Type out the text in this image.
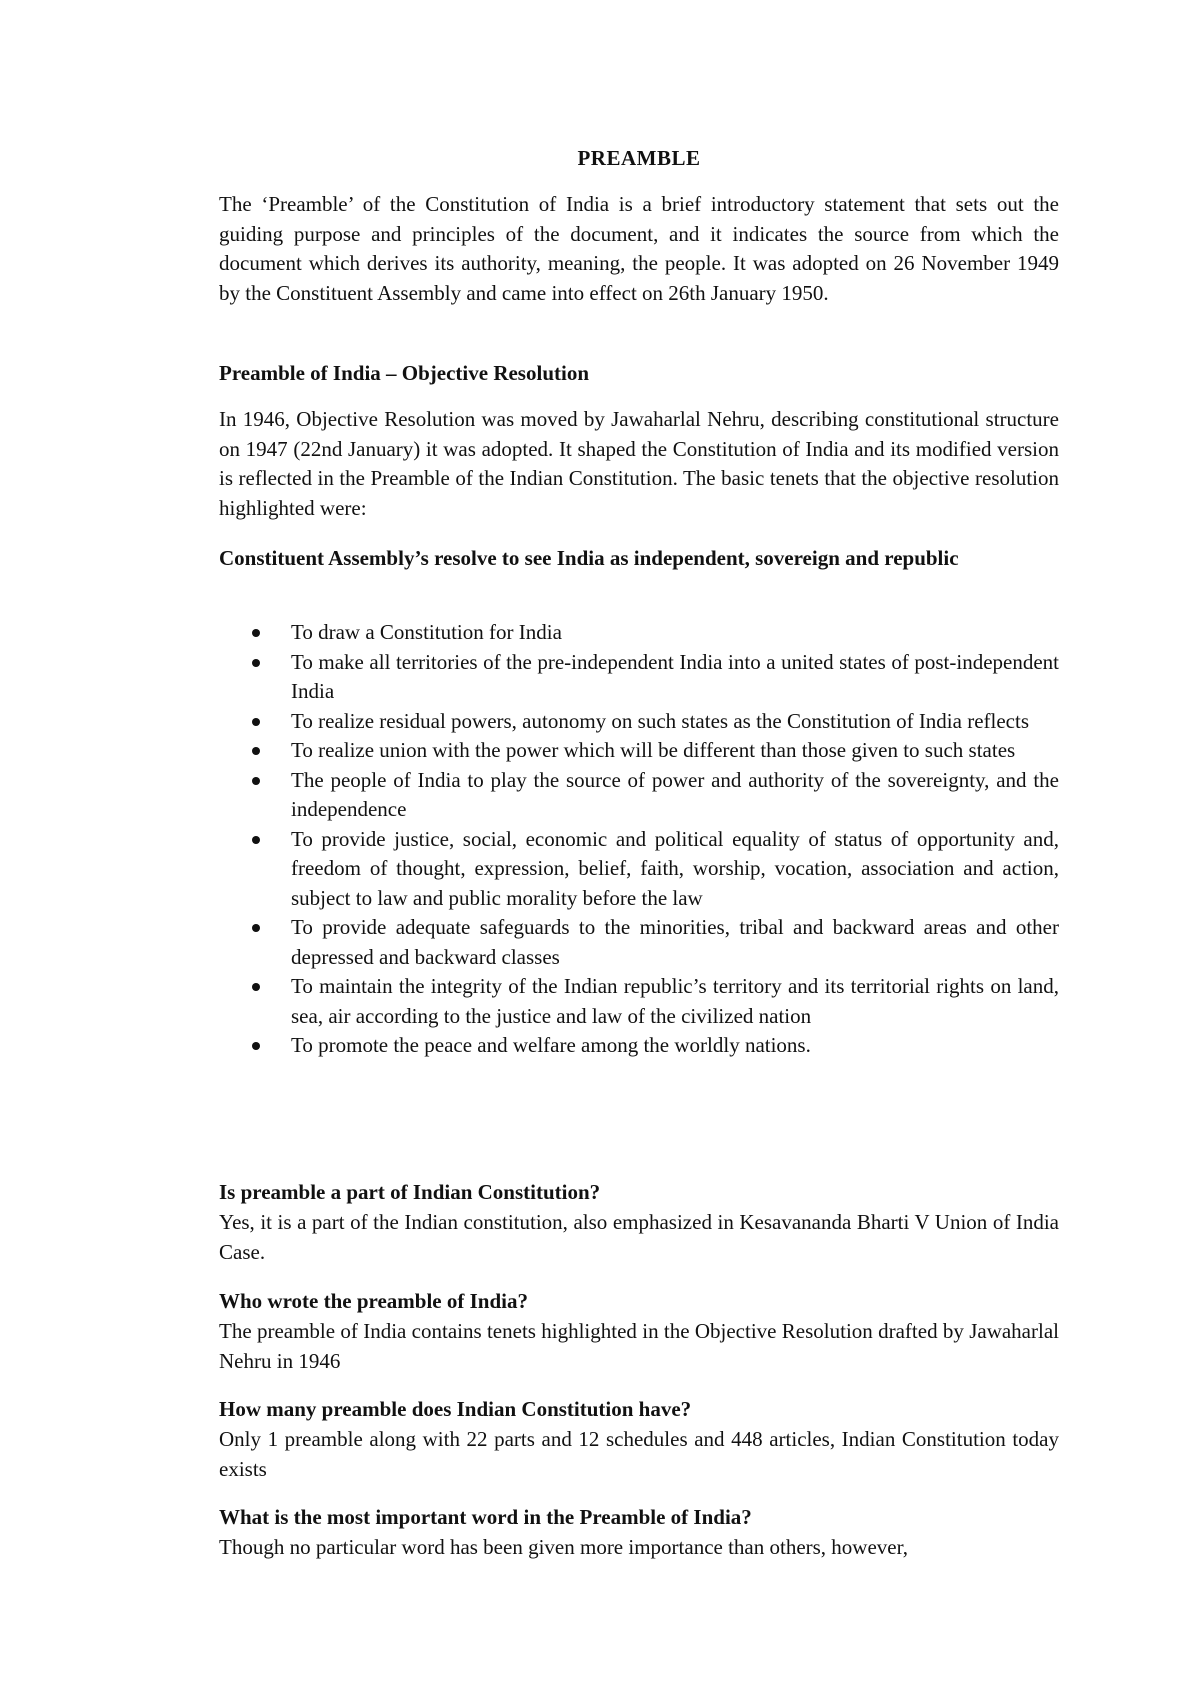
PREAMBLE

The ‘Preamble’ of the Constitution of India is a brief introductory statement that sets out the guiding purpose and principles of the document, and it indicates the source from which the document which derives its authority, meaning, the people. It was adopted on 26 November 1949 by the Constituent Assembly and came into effect on 26th January 1950.

Preamble of India – Objective Resolution

In 1946, Objective Resolution was moved by Jawaharlal Nehru, describing constitutional structure on 1947 (22nd January) it was adopted. It shaped the Constitution of India and its modified version is reflected in the Preamble of the Indian Constitution. The basic tenets that the objective resolution highlighted were:

Constituent Assembly’s resolve to see India as independent, sovereign and republic
To draw a Constitution for India
To make all territories of the pre-independent India into a united states of post-independent India
To realize residual powers, autonomy on such states as the Constitution of India reflects
To realize union with the power which will be different than those given to such states
The people of India to play the source of power and authority of the sovereignty, and the independence
To provide justice, social, economic and political equality of status of opportunity and, freedom of thought, expression, belief, faith, worship, vocation, association and action, subject to law and public morality before the law
To provide adequate safeguards to the minorities, tribal and backward areas and other depressed and backward classes
To maintain the integrity of the Indian republic’s territory and its territorial rights on land, sea, air according to the justice and law of the civilized nation
To promote the peace and welfare among the worldly nations.
Is preamble a part of Indian Constitution?
Yes, it is a part of the Indian constitution, also emphasized in Kesavananda Bharti V Union of India Case.
Who wrote the preamble of India?
The preamble of India contains tenets highlighted in the Objective Resolution drafted by Jawaharlal Nehru in 1946
How many preamble does Indian Constitution have?
Only 1 preamble along with 22 parts and 12 schedules and 448 articles, Indian Constitution today exists
What is the most important word in the Preamble of India?
Though no particular word has been given more importance than others, however,
